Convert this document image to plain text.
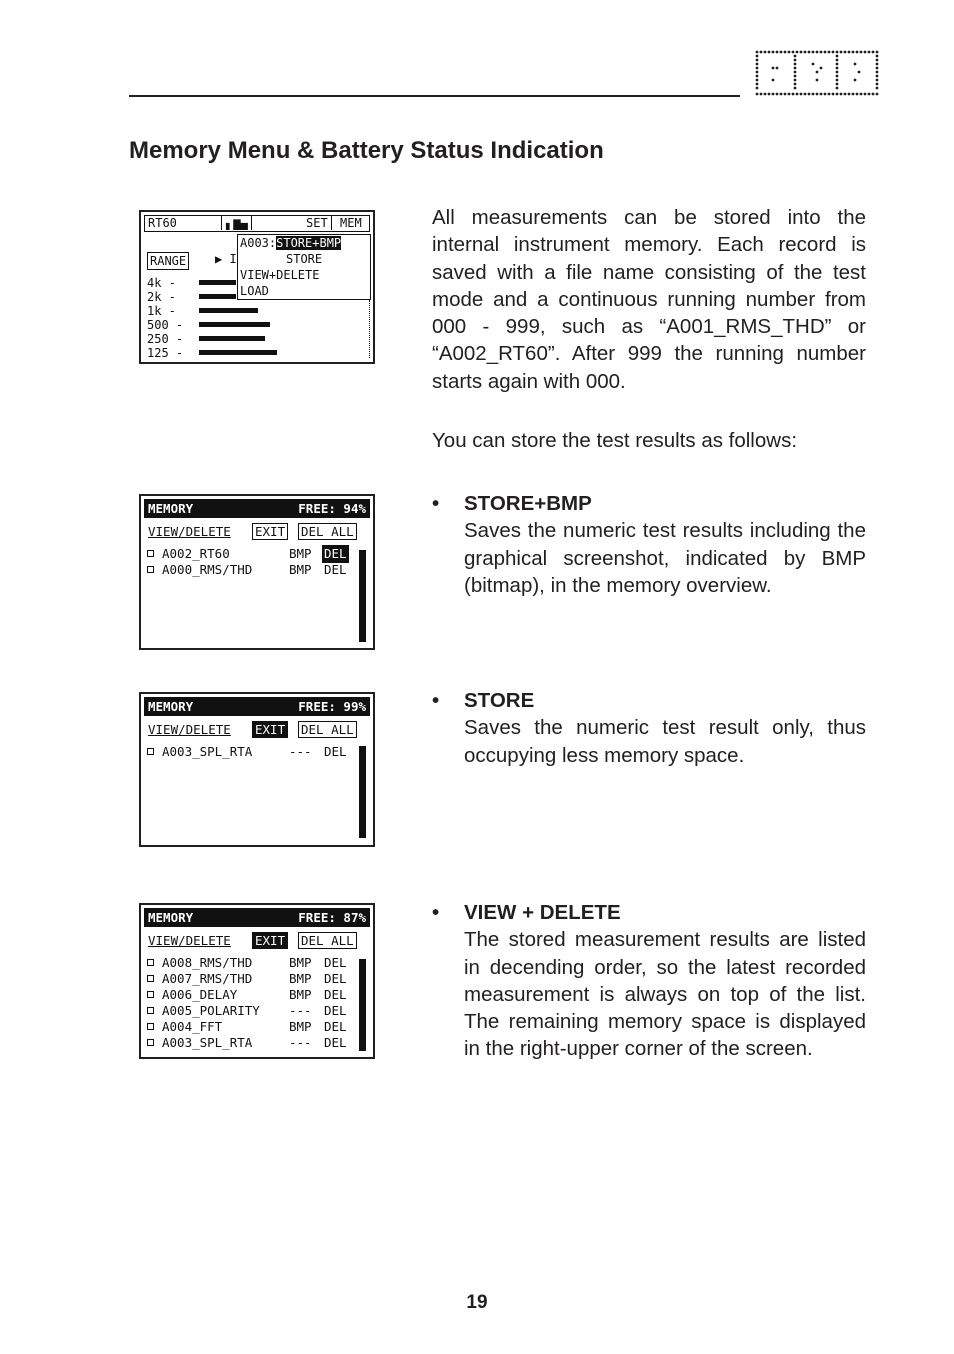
Memory Menu & Battery Status Indication
RT60	▖▆▄	SET	MEM
RANGE ▶ I
4k -
2k -
1k -
500 -
250 -
125 -
A003:STORE+BMP
STORE
VIEW+DELETE
LOAD

All measurements can be stored into the internal instrument memory. Each record is saved with a file name consisting of the test mode and a continuous running number from 000 - 999, such as “A001_RMS_THD” or “A002_RT60”. After 999 the running number starts again with 000.

You can store the test results as follows:

MEMORY	FREE: 94%
VIEW/DELETE EXIT DEL ALL
A002_RT60	BMP DEL
A000_RMS/THD	BMP DEL
• STORE+BMP
Saves the numeric test results including the graphical screenshot, indicated by BMP (bitmap), in the memory overview.
MEMORY	FREE: 99%
VIEW/DELETE EXIT DEL ALL
A003_SPL_RTA	--- DEL
• STORE
Saves the numeric test result only, thus occupying less memory space.
MEMORY	FREE: 87%
VIEW/DELETE EXIT DEL ALL
A008_RMS/THD	BMP DEL
A007_RMS/THD	BMP DEL
A006_DELAY	BMP DEL
A005_POLARITY --- DEL
A004_FFT	BMP DEL
A003_SPL_RTA	--- DEL
• VIEW + DELETE
The stored measurement results are listed in decending order, so the latest recorded measurement is always on top of the list. The remaining memory space is displayed in the right-upper corner of the screen.
19
